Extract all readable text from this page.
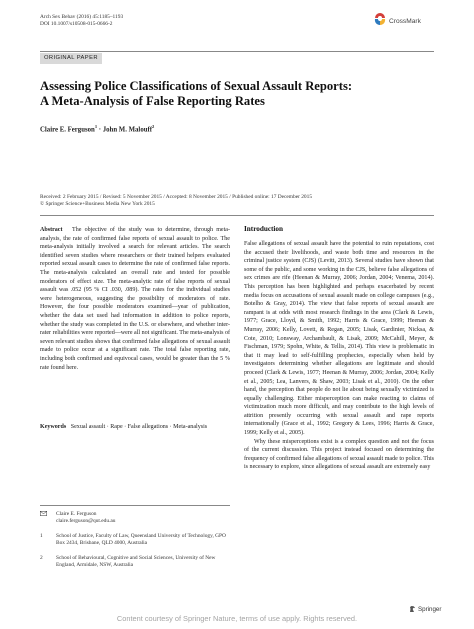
Arch Sex Behav (2016) 45:1185–1193
DOI 10.1007/s10508-015-0666-2	CrossMark
ORIGINAL PAPER
Assessing Police Classifications of Sexual Assault Reports:
A Meta-Analysis of False Reporting Rates
Claire E. Ferguson$^1$ · John M. Malouff$^2$
Received: 2 February 2015 / Revised: 5 November 2015 / Accepted: 8 November 2015 / Published online: 17 December 2015
© Springer Science+Business Media New York 2015

Abstract The objective of the study was to determine, through meta-analysis, the rate of confirmed false reports of sexual assault to police. The meta-analysis initially involved a search for relevant articles. The search identified seven studies where researchers or their trained helpers evaluated reported sexual assault cases to determine the rate of confirmed false reports. The meta-analysis calculated an overall rate and tested for possible moderators of effect size. The meta-analytic rate of false reports of sexual assault was .052 (95 % CI .030, .089). The rates for the individual studies were heterogeneous, suggesting the possibility of moderators of rate. However, the four possible moderators examined—year of publication, whether the data set used had information in addition to police reports, whether the study was completed in the U.S. or elsewhere, and whether inter-rater reliabilities were reported—were all not significant. The meta-analysis of seven relevant studies shows that confirmed false allegations of sexual assault made to police occur at a significant rate. The total false reporting rate, including both confirmed and equivocal cases, would be greater than the 5 % rate found here.

Keywords Sexual assault · Rape · False allegations · Meta-analysis

Claire E. Ferguson
claire.ferguson@qut.edu.au
1 School of Justice, Faculty of Law, Queensland University of Technology, GPO Box 2434, Brisbane, QLD 4000, Australia
2 School of Behavioural, Cognitive and Social Sciences, University of New England, Armidale, NSW, Australia
Introduction

False allegations of sexual assault have the potential to ruin reputations, cost the accused their livelihoods, and waste both time and resources in the criminal justice system (CJS) (Levitt, 2013). Several studies have shown that some of the public, and some working in the CJS, believe false allegations of sex crimes are rife (Heenan & Murray, 2006; Jordan, 2004; Venema, 2014). This perception has been highlighted and perhaps exacerbated by recent media focus on accusations of sexual assault made on college campuses (e.g., Botelho & Gray, 2014). The view that false reports of sexual assault are rampant is at odds with most research findings in the area (Clark & Lewis, 1977; Grace, Lloyd, & Smith, 1992; Harris & Grace, 1999; Heenan & Murray, 2006; Kelly, Lovett, & Regan, 2005; Lisak, Gardinier, Nicksa, & Cote, 2010; Lonsway, Archambault, & Lisak, 2009; McCahill, Meyer, & Fischman, 1979; Spohn, White, & Tellis, 2014). This view is problematic in that it may lead to self-fulfilling prophecies, especially when held by investigators determining whether allegations are legitimate and should proceed (Clark & Lewis, 1977; Heenan & Murray, 2006; Jordan, 2004; Kelly et al., 2005; Lea, Lanvers, & Shaw, 2003; Lisak et al., 2010). On the other hand, the perception that people do not lie about being sexually victimized is equally challenging. Either misperception can make reacting to claims of victimization much more difficult, and may contribute to the high levels of attrition presently occurring with sexual assault and rape reports internationally (Grace et al., 1992; Gregory & Lees, 1996; Harris & Grace, 1999; Kelly et al., 2005).

Why these misperceptions exist is a complex question and not the focus of the current discussion. This project instead focused on determining the frequency of confirmed false allegations of sexual assault made to police. This is necessary to explore, since allegations of sexual assault are extremely easy

Springer
Content courtesy of Springer Nature, terms of use apply. Rights reserved.
